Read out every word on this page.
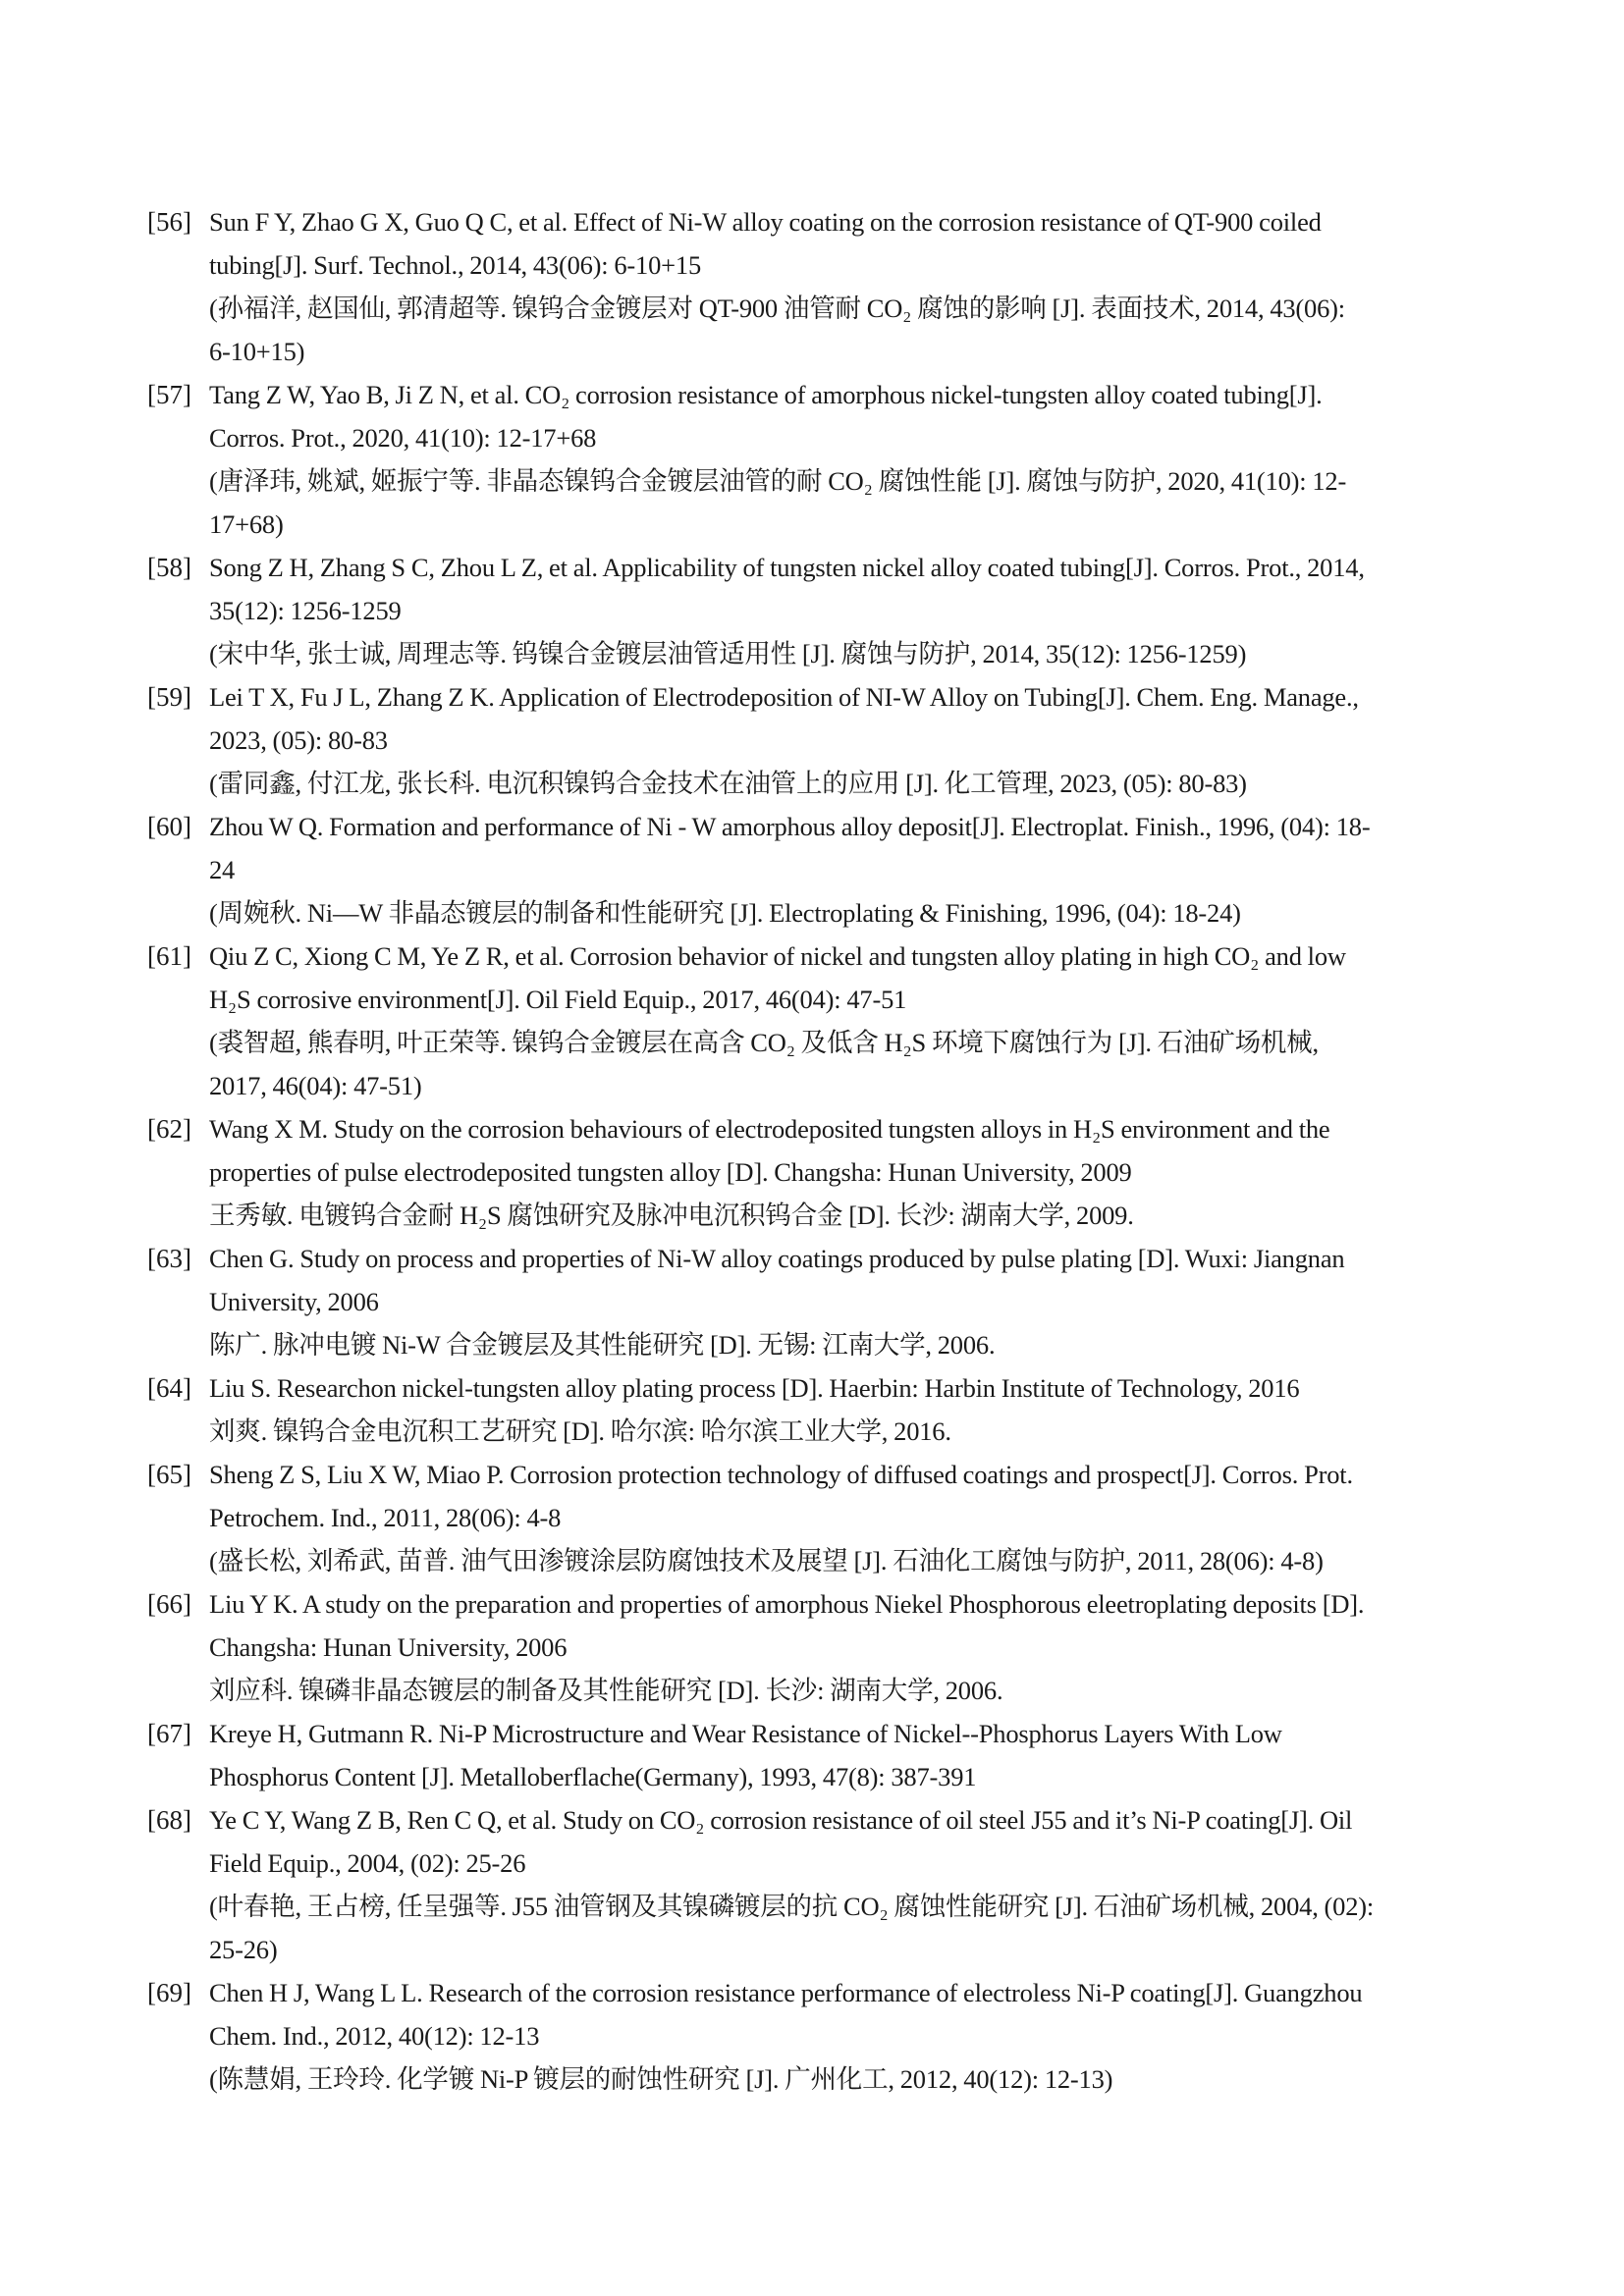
[56] Sun F Y, Zhao G X, Guo Q C, et al. Effect of Ni-W alloy coating on the corrosion resistance of QT-900 coiled
tubing[J]. Surf. Technol., 2014, 43(06): 6-10+15
(孙福洋, 赵国仙, 郭清超等. 镍钨合金镀层对 QT-900 油管耐 CO₂ 腐蚀的影响 [J]. 表面技术, 2014, 43(06):
6-10+15)
[57] Tang Z W, Yao B, Ji Z N, et al. CO₂ corrosion resistance of amorphous nickel-tungsten alloy coated tubing[J].
Corros. Prot., 2020, 41(10): 12-17+68
(唐泽玮, 姚斌, 姬振宁等. 非晶态镍钨合金镀层油管的耐 CO₂ 腐蚀性能 [J]. 腐蚀与防护, 2020, 41(10): 12-
17+68)
[58] Song Z H, Zhang S C, Zhou L Z, et al. Applicability of tungsten nickel alloy coated tubing[J]. Corros. Prot., 2014,
35(12): 1256-1259
(宋中华, 张士诚, 周理志等. 钨镍合金镀层油管适用性 [J]. 腐蚀与防护, 2014, 35(12): 1256-1259)
[59] Lei T X, Fu J L, Zhang Z K. Application of Electrodeposition of NI-W Alloy on Tubing[J]. Chem. Eng. Manage.,
2023, (05): 80-83
(雷同鑫, 付江龙, 张长科. 电沉积镍钨合金技术在油管上的应用 [J]. 化工管理, 2023, (05): 80-83)
[60] Zhou W Q. Formation and performance of Ni - W amorphous alloy deposit[J]. Electroplat. Finish., 1996, (04): 18-
24
(周婉秋. Ni—W 非晶态镀层的制备和性能研究 [J]. Electroplating & Finishing, 1996, (04): 18-24)
[61] Qiu Z C, Xiong C M, Ye Z R, et al. Corrosion behavior of nickel and tungsten alloy plating in high CO₂ and low
H₂S corrosive environment[J]. Oil Field Equip., 2017, 46(04): 47-51
(裘智超, 熊春明, 叶正荣等. 镍钨合金镀层在高含 CO₂ 及低含 H₂S 环境下腐蚀行为 [J]. 石油矿场机械,
2017, 46(04): 47-51)
[62] Wang X M. Study on the corrosion behaviours of electrodeposited tungsten alloys in H₂S environment and the
properties of pulse electrodeposited tungsten alloy [D]. Changsha: Hunan University, 2009
王秀敏. 电镀钨合金耐 H₂S 腐蚀研究及脉冲电沉积钨合金 [D]. 长沙: 湖南大学, 2009.
[63] Chen G. Study on process and properties of Ni-W alloy coatings produced by pulse plating [D]. Wuxi: Jiangnan
University, 2006
陈广. 脉冲电镀 Ni-W 合金镀层及其性能研究 [D]. 无锡: 江南大学, 2006.
[64] Liu S. Researchon nickel-tungsten alloy plating process [D]. Haerbin: Harbin Institute of Technology, 2016
刘爽. 镍钨合金电沉积工艺研究 [D]. 哈尔滨: 哈尔滨工业大学, 2016.
[65] Sheng Z S, Liu X W, Miao P. Corrosion protection technology of diffused coatings and prospect[J]. Corros. Prot.
Petrochem. Ind., 2011, 28(06): 4-8
(盛长松, 刘希武, 苗普. 油气田渗镀涂层防腐蚀技术及展望 [J]. 石油化工腐蚀与防护, 2011, 28(06): 4-8)
[66] Liu Y K. A study on the preparation and properties of amorphous Niekel Phosphorous eleetroplating deposits [D].
Changsha: Hunan University, 2006
刘应科. 镍磷非晶态镀层的制备及其性能研究 [D]. 长沙: 湖南大学, 2006.
[67] Kreye H, Gutmann R. Ni-P Microstructure and Wear Resistance of Nickel--Phosphorus Layers With Low
Phosphorus Content [J]. Metalloberflache(Germany), 1993, 47(8): 387-391
[68] Ye C Y, Wang Z B, Ren C Q, et al. Study on CO₂ corrosion resistance of oil steel J55 and it’s Ni-P coating[J]. Oil
Field Equip., 2004, (02): 25-26
(叶春艳, 王占榜, 任呈强等. J55 油管钢及其镍磷镀层的抗 CO₂ 腐蚀性能研究 [J]. 石油矿场机械, 2004, (02):
25-26)
[69] Chen H J, Wang L L. Research of the corrosion resistance performance of electroless Ni-P coating[J]. Guangzhou
Chem. Ind., 2012, 40(12): 12-13
(陈慧娟, 王玲玲. 化学镀 Ni-P 镀层的耐蚀性研究 [J]. 广州化工, 2012, 40(12): 12-13)
